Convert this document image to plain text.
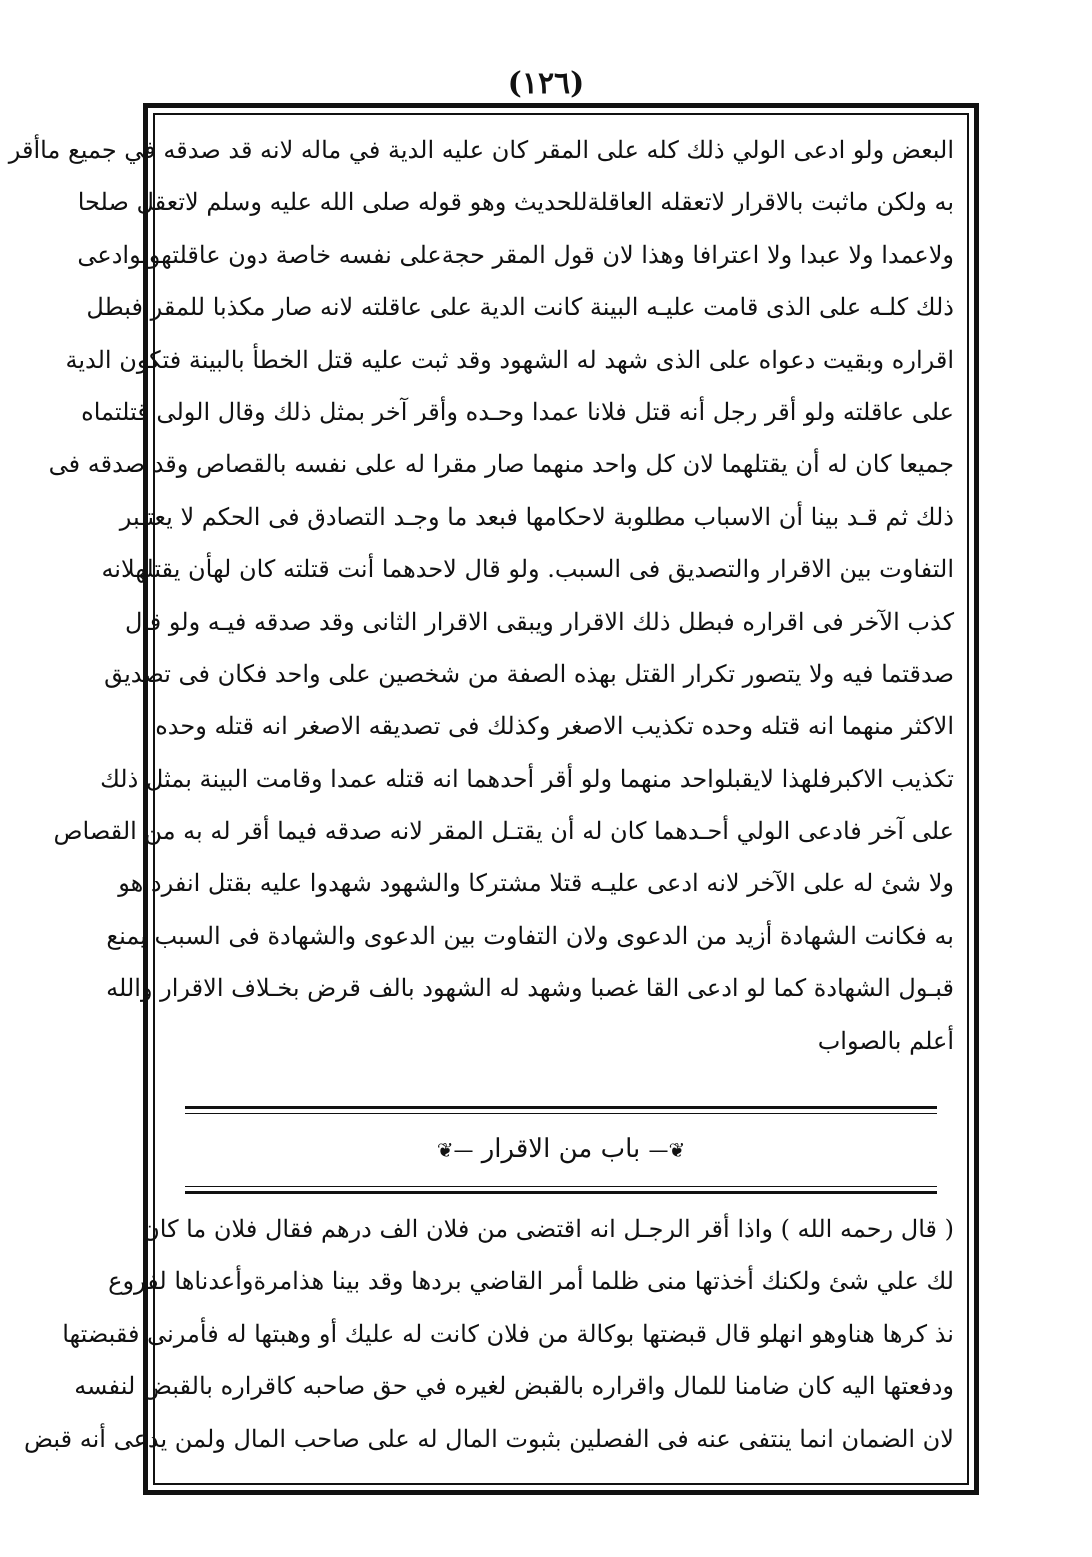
(١٢٦)
البعض ولو ادعى الولي ذلك كله على المقر كان عليه الدية في ماله لانه قد صدقه في جميع ماأقر
به ولكن ماثبت بالاقرار لاتعقله العاقلةللحديث وهو قوله صلى الله عليه وسلم لاتعقل صلحا
ولاعمدا ولا عبدا ولا اعترافا وهذا لان قول المقر حجةعلى نفسه خاصة دون عاقلتهولوادعى
ذلك كلـه على الذى قامت عليـه البينة كانت الدية على عاقلته لانه صار مكذبا للمقر فبطل
اقراره وبقيت دعواه على الذى شهد له الشهود وقد ثبت عليه قتل الخطأ بالبينة فتكون الدية
على عاقلته ولو أقر رجل أنه قتل فلانا عمدا وحـده وأقر آخر بمثل ذلك وقال الولى قتلتماه
جميعا كان له أن يقتلهما لان كل واحد منهما صار مقرا له على نفسه بالقصاص وقد صدقه فى
ذلك ثم قـد بينا أن الاسباب مطلوبة لاحكامها فبعد ما وجـد التصادق فى الحكم لا يعتـبر
التفاوت بين الاقرار والتصديق فى السبب. ولو قال لاحدهما أنت قتلته كان لهأن يقتلهلانه
كذب الآخر فى اقراره فبطل ذلك الاقرار ويبقى الاقرار الثانى وقد صدقه فيـه ولو قال
صدقتما فيه ولا يتصور تكرار القتل بهذه الصفة من شخصين على واحد فكان فى تصديق
الاكثر منهما انه قتله وحده تكذيب الاصغر وكذلك فى تصديقه الاصغر انه قتله وحده
تكذيب الاكبرفلهذا لايقبلواحد منهما ولو أقر أحدهما انه قتله عمدا وقامت البينة بمثل ذلك
على آخر فادعى الولي أحـدهما كان له أن يقتـل المقر لانه صدقه فيما أقر له به من القصاص
ولا شئ له على الآخر لانه ادعى عليـه قتلا مشتركا والشهود شهدوا عليه بقتل انفرد هو
به فكانت الشهادة أزيد من الدعوى ولان التفاوت بين الدعوى والشهادة فى السبب يمنع
قبـول الشهادة كما لو ادعى القا غصبا وشهد له الشهود بالف قرض بخـلاف الاقرار والله
أعلم بالصواب
❦— باب من الاقرار —❦
( قال رحمه الله ) واذا أقر الرجـل انه اقتضى من فلان الف درهم فقال فلان ما كان
لك علي شئ ولكنك أخذتها منى ظلما أمر القاضي بردها وقد بينا هذامرةوأعدناها لفروع
نذ كرها هناوهو انهلو قال قبضتها بوكالة من فلان كانت له عليك أو وهبتها له فأمرنى فقبضتها
ودفعتها اليه كان ضامنا للمال واقراره بالقبض لغيره في حق صاحبه كاقراره بالقبض لنفسه
لان الضمان انما ينتفى عنه فى الفصلين بثبوت المال له على صاحب المال ولمن يدعى أنه قبض
